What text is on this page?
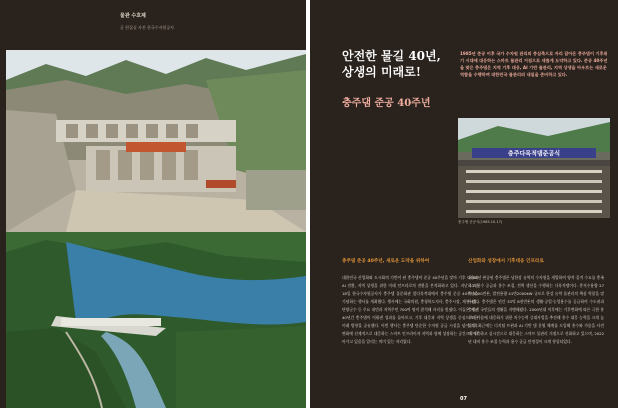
물관 수호제
글 편집실 사진 한국수자원공사
안전한 물길 40년,
상생의 미래로!
충주댐 준공 40주년
1985년 준공 이후 국가 수자원 관리의 중심축으로 자리 잡아온 충주댐이 기후위기 시대에 대응하는 스마트 물관리 거점으로 새롭게 도약하고 있다. 준공 40주년을 맞은 충주댐은 지역 기후 대응, AI 기반 물관리, 지역 상생을 아우르는 새로운 역할을 수행하며 대한민국 물관리의 내일을 준비하고 있다.
충주다목적댐준공식
충주댐 준공식(1985.10.17)
충주댐 준공 40주년, 새로운 도약을 위하여
대한민국 산업화와 도시화의 기반이 된 충주댐이 준공 40주년을 맞아 기후 대응과 AI 전환, 지역 상생을 위한 미래 인프라로의 전환을 본격화하고 있다. 지난 11월 18일 한국수자원공사가 충주댐 물문화관 앞다목적대에서 충주댐 준공 40주년을 기념하는 행사를 개최했다. 행사에는 국회의원, 충청북도지사, 충주시장, 제천시장, 단양군수 등 주요 내빈과 지역주민 700여 명이 참석해 자리를 빛냈다. 이들은 지난 40년간 충주댐이 이뤄낸 성과를 돌아보고, 기후 대응과 지역 상생을 중심으로 한 미래 방향을 공유했다. 이번 행사는 충주댐 단순한 수자원 공급 시설을 넘어 기후 변화에 선제적으로 대응하는 스마트 인프라이자 지역과 함께 성장하는 공간으로 나아가고 있음을 알리는 의미 있는 자리였다.
산업화와 성장에서 기후대응 인프라로
1985년 완공된 충주댐은 남한강 유역의 수자원을 개발하여 양적·질적 수요를 충족하고 용수 공급과 홍수 조절, 전력 생산을 수행하는 다목적댐이다. 총저수용량 27억 5000만톤, 발전용량 41만2000kW 규모로 한강 유역 물관리의 핵심 역할을 맡아왔다. 충주댐은 연간 33억 8천만톤의 생활·공업·농업용수를 공급하며 수도권과 충청권 국민들의 생활을 지탱해왔다. 2000년대 이후에는 기후변화에 따른 극한 홍수와 가뭄에 대응하기 위한 치수능력 증대사업을 추진해 홍수 대응 능력을 크게 높였다. 최근에는 디지털 트윈과 AI 기반 댐 운영 체계를 도입해 홍수와 가뭄을 사전에 예측하고 실시간으로 대응하는 스마트 물관리 거점으로 진화하고 있으며, 2022년 대비 홍수 조절 능력과 용수 공급 안정성이 크게 향상되었다.
07
